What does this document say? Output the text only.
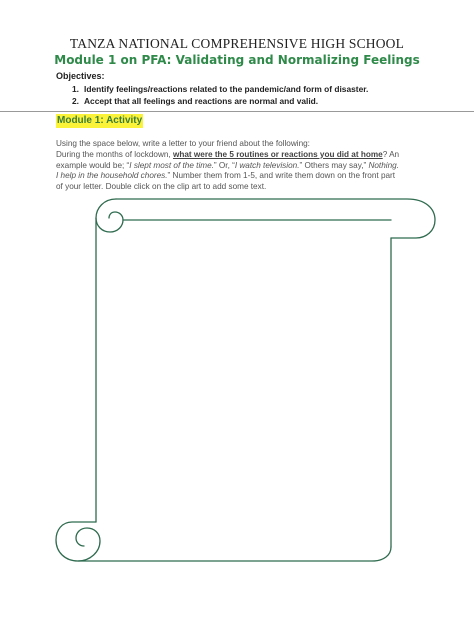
TANZA NATIONAL COMPREHENSIVE HIGH SCHOOL
Module 1 on PFA: Validating and Normalizing Feelings
Objectives:
1. Identify feelings/reactions related to the pandemic/and form of disaster.
2. Accept that all feelings and reactions are normal and valid.
Module 1: Activity

Using the space below, write a letter to your friend about the following:

During the months of lockdown, what were the 5 routines or reactions you did at home? An

example would be; “I slept most of the time.” Or, “I watch television.” Others may say,” Nothing.

I help in the household chores.” Number them from 1-5, and write them down on the front part

of your letter. Double click on the clip art to add some text.
